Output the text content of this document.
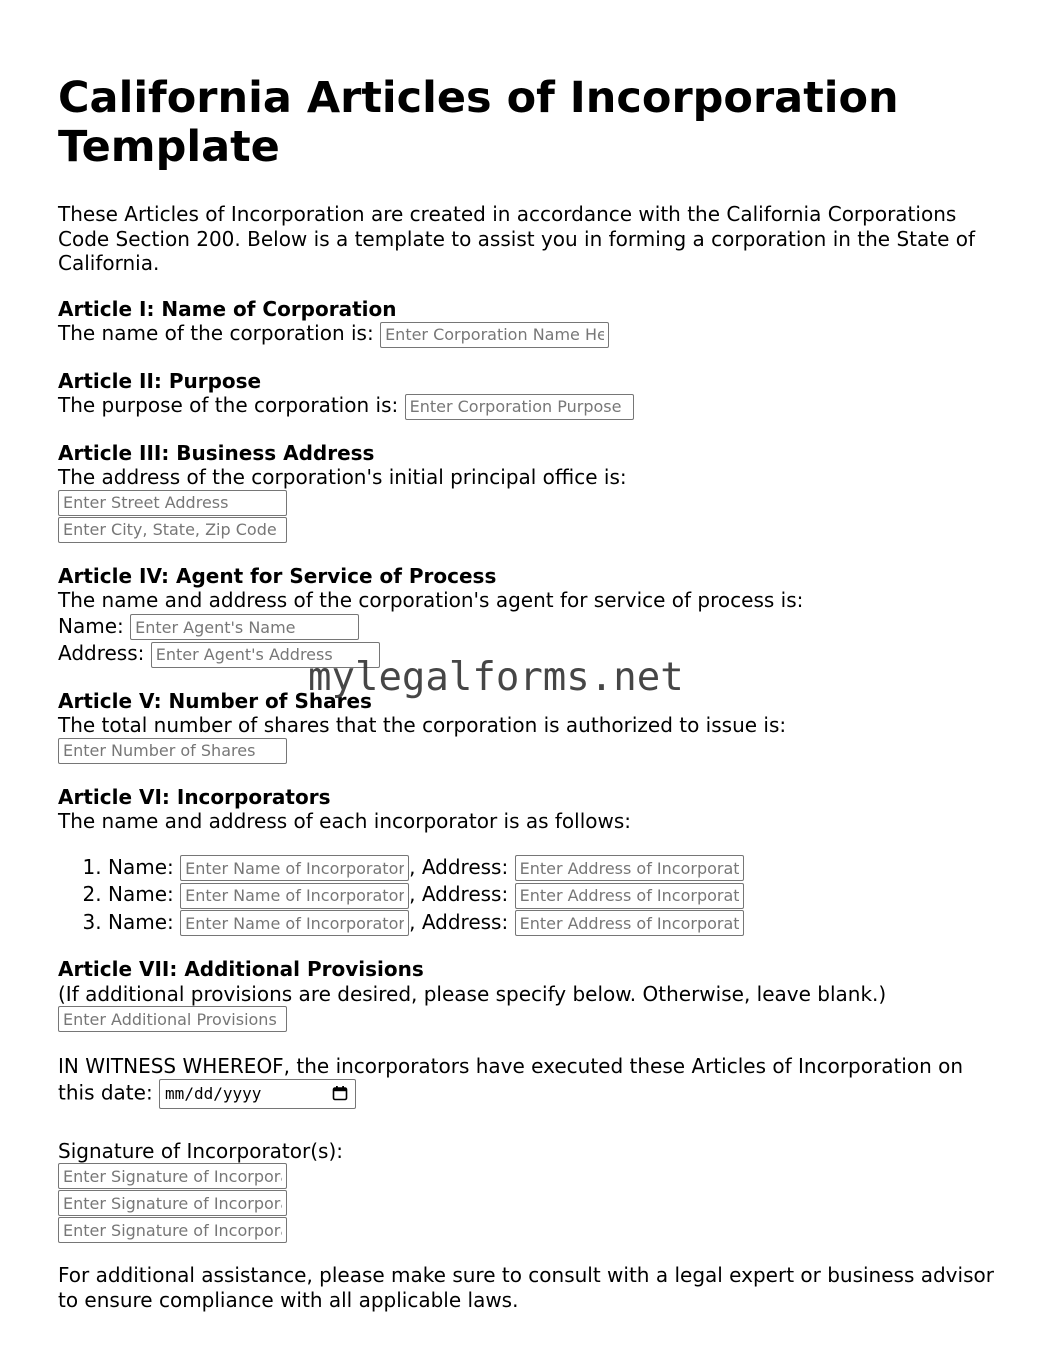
California Articles of Incorporation Template

These Articles of Incorporation are created in accordance with the California Corporations Code Section 200. Below is a template to assist you in forming a corporation in the State of California.

Article I: Name of Corporation
The name of the corporation is: Enter Corporation Name Here
Article II: Purpose
The purpose of the corporation is: Enter Corporation Purpose
Article III: Business Address
The address of the corporation's initial principal office is:
Enter Street Address
Enter City, State, Zip Code
Article IV: Agent for Service of Process
The name and address of the corporation's agent for service of process is:
Name: Enter Agent's Name
Address: Enter Agent's Address
Article V: Number of Shares
The total number of shares that the corporation is authorized to issue is:
Enter Number of Shares
Article VI: Incorporators
The name and address of each incorporator is as follows:
1. Name: Enter Name of Incorporator	, Address: Enter Address of Incorporator
2. Name: Enter Name of Incorporator	, Address: Enter Address of Incorporator
3. Name: Enter Name of Incorporator	, Address: Enter Address of Incorporator
Article VII: Additional Provisions
(If additional provisions are desired, please specify below. Otherwise, leave blank.)
Enter Additional Provisions
IN WITNESS WHEREOF, the incorporators have executed these Articles of Incorporation on this date: mm/dd/yyyy
Signature of Incorporator(s):
Enter Signature of Incorporator
Enter Signature of Incorporator
Enter Signature of Incorporator

For additional assistance, please make sure to consult with a legal expert or business advisor to ensure compliance with all applicable laws.

mylegalforms.net
